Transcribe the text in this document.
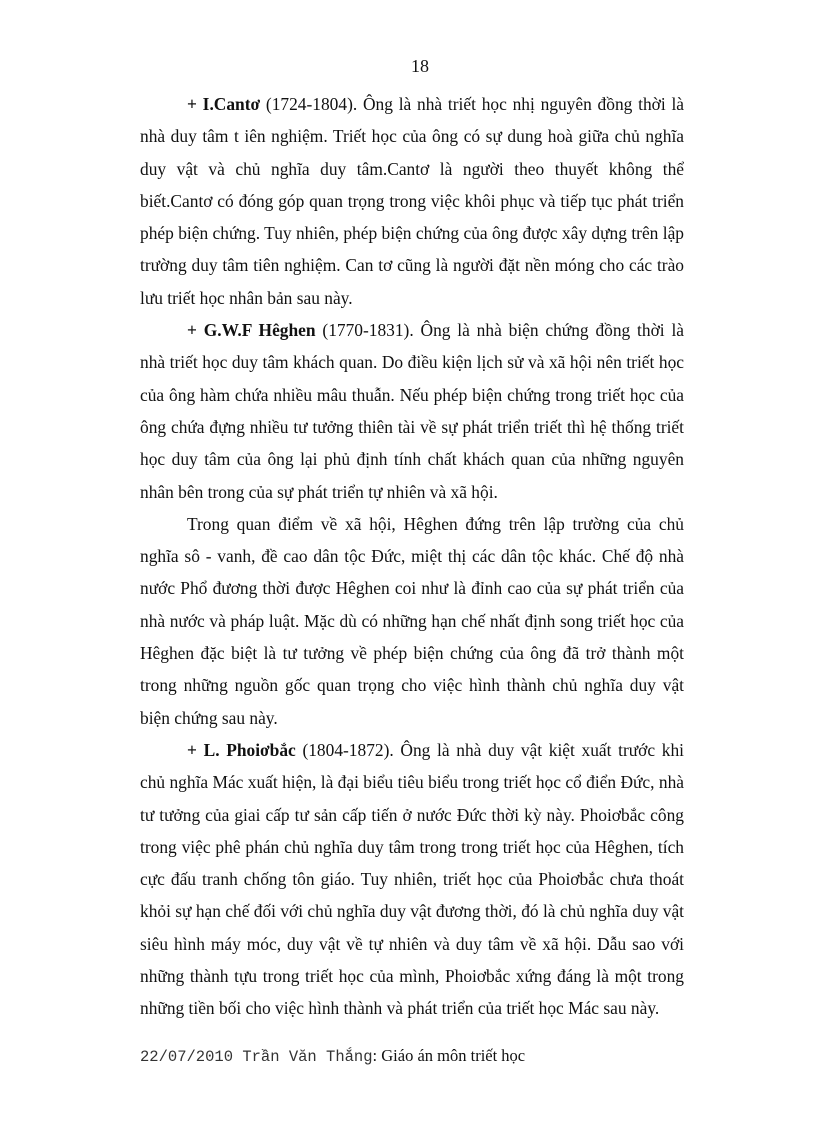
18

+ I.Cantơ (1724-1804). Ông là nhà triết học nhị nguyên đồng thời là nhà duy tâm t iên nghiệm. Triết học của ông có sự dung hoà giữa chủ nghĩa duy vật và chủ nghĩa duy tâm.Cantơ là người theo thuyết không thể biết.Cantơ có đóng góp quan trọng trong việc khôi phục và tiếp tục phát triển phép biện chứng. Tuy nhiên, phép biện chứng của ông được xây dựng trên lập trường duy tâm tiên nghiệm. Can tơ cũng là người đặt nền móng cho các trào lưu triết học nhân bản sau này.

+ G.W.F Hêghen (1770-1831). Ông là nhà biện chứng đồng thời là nhà triết học duy tâm khách quan. Do điều kiện lịch sử và xã hội nên triết học của ông hàm chứa nhiều mâu thuẫn. Nếu phép biện chứng trong triết học của ông chứa đựng nhiều tư tưởng thiên tài về sự phát triển triết thì hệ thống triết học duy tâm của ông lại phủ định tính chất khách quan của những nguyên nhân bên trong của sự phát triển tự nhiên và xã hội.

Trong quan điểm về xã hội, Hêghen đứng trên lập trường của chủ nghĩa sô - vanh, đề cao dân tộc Đức, miệt thị các dân tộc khác. Chế độ nhà nước Phổ đương thời được Hêghen coi như là đỉnh cao của sự phát triển của nhà nước và pháp luật. Mặc dù có những hạn chế nhất định song triết học của Hêghen đặc biệt là tư tưởng về phép biện chứng của ông đã trở thành một trong những nguồn gốc quan trọng cho việc hình thành chủ nghĩa duy vật biện chứng sau này.

+ L. Phoiơbắc (1804-1872). Ông là nhà duy vật kiệt xuất trước khi chủ nghĩa Mác xuất hiện, là đại biểu tiêu biểu trong triết học cổ điển Đức, nhà tư tưởng của giai cấp tư sản cấp tiến ở nước Đức thời kỳ này. Phoiơbắc công trong việc phê phán chủ nghĩa duy tâm trong trong triết học của Hêghen, tích cực đấu tranh chống tôn giáo. Tuy nhiên, triết học của Phoiơbắc chưa thoát khỏi sự hạn chế đối với chủ nghĩa duy vật đương thời, đó là chủ nghĩa duy vật siêu hình máy móc, duy vật về tự nhiên và duy tâm về xã hội. Dẫu sao với những thành tựu trong triết học của mình, Phoiơbắc xứng đáng là một trong những tiền bối cho việc hình thành và phát triển của triết học Mác sau này.

22/07/2010 Trần Văn Thắng: Giáo án môn triết học
